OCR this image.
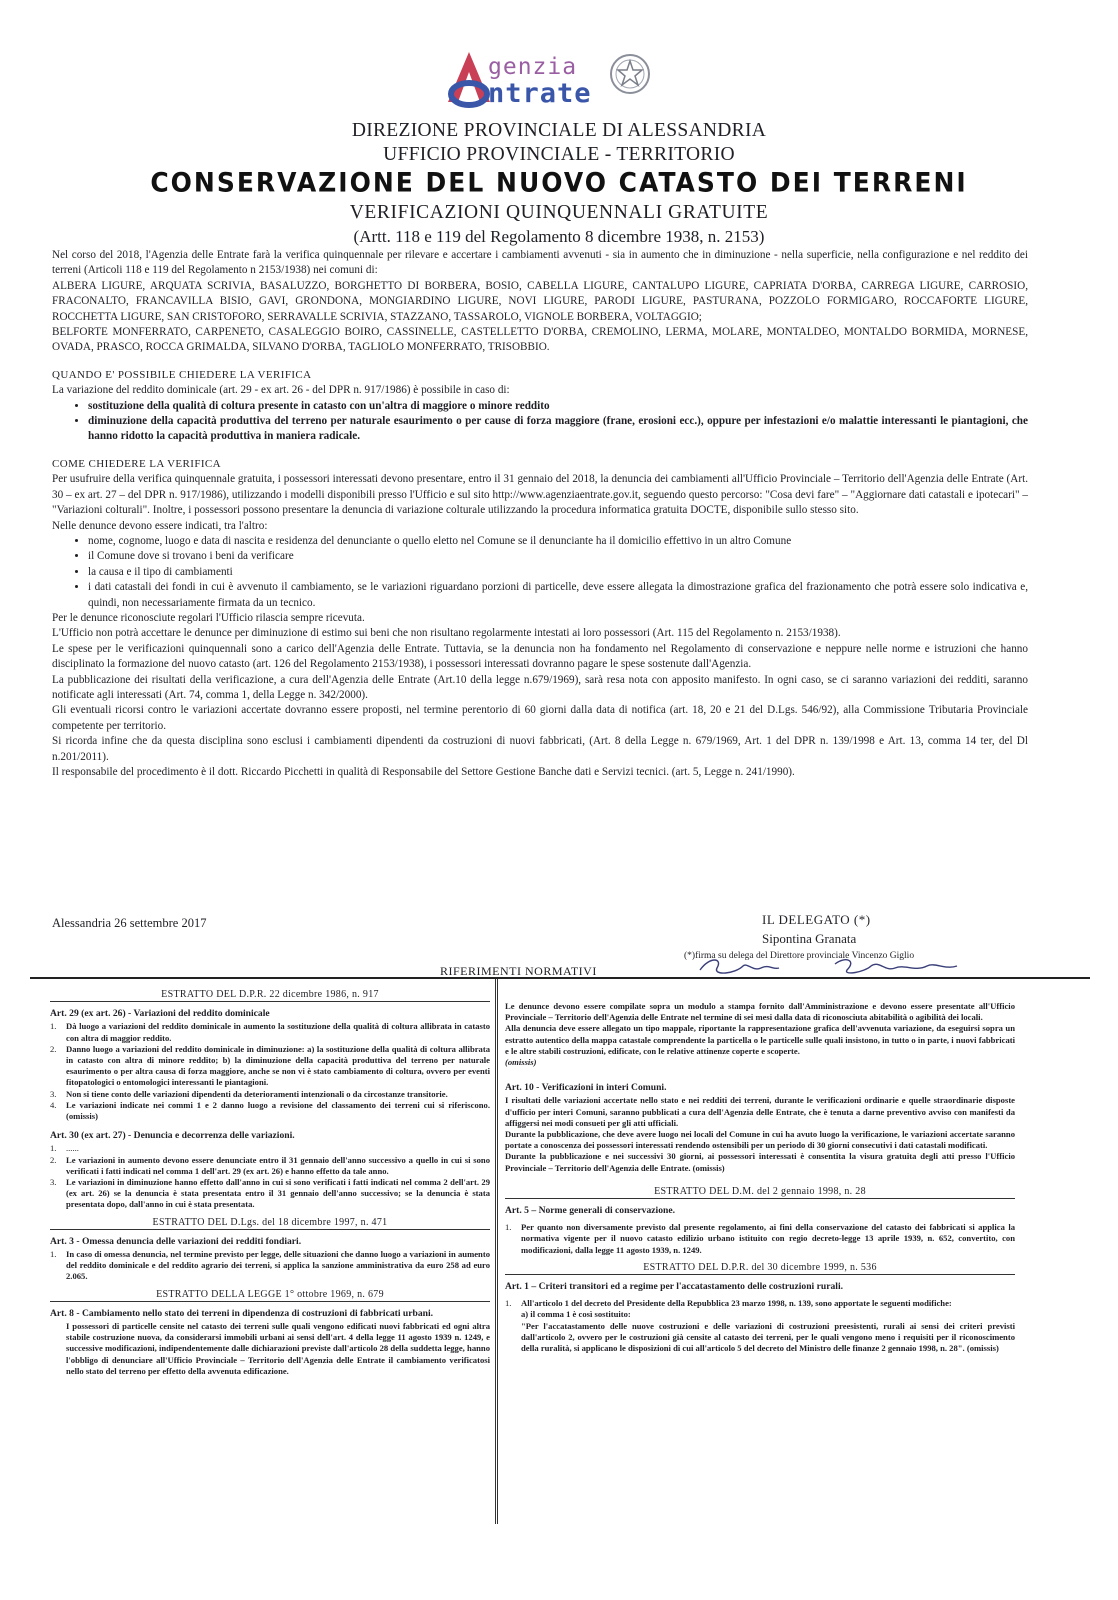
genzia
ntrate
DIREZIONE PROVINCIALE DI ALESSANDRIA
UFFICIO PROVINCIALE - TERRITORIO
CONSERVAZIONE DEL NUOVO CATASTO DEI TERRENI
VERIFICAZIONI QUINQUENNALI GRATUITE
(Artt. 118 e 119 del Regolamento 8 dicembre 1938, n. 2153)

Nel corso del 2018, l'Agenzia delle Entrate farà la verifica quinquennale per rilevare e accertare i cambiamenti avvenuti - sia in aumento che in diminuzione - nella superficie, nella configurazione e nel reddito dei terreni (Articoli 118 e 119 del Regolamento n 2153/1938) nei comuni di:

ALBERA LIGURE, ARQUATA SCRIVIA, BASALUZZO, BORGHETTO DI BORBERA, BOSIO, CABELLA LIGURE, CANTALUPO LIGURE, CAPRIATA D'ORBA, CARREGA LIGURE, CARROSIO, FRACONALTO, FRANCAVILLA BISIO, GAVI, GRONDONA, MONGIARDINO LIGURE, NOVI LIGURE, PARODI LIGURE, PASTURANA, POZZOLO FORMIGARO, ROCCAFORTE LIGURE, ROCCHETTA LIGURE, SAN CRISTOFORO, SERRAVALLE SCRIVIA, STAZZANO, TASSAROLO, VIGNOLE BORBERA, VOLTAGGIO;

BELFORTE MONFERRATO, CARPENETO, CASALEGGIO BOIRO, CASSINELLE, CASTELLETTO D'ORBA, CREMOLINO, LERMA, MOLARE, MONTALDEO, MONTALDO BORMIDA, MORNESE, OVADA, PRASCO, ROCCA GRIMALDA, SILVANO D'ORBA, TAGLIOLO MONFERRATO, TRISOBBIO.

QUANDO E' POSSIBILE CHIEDERE LA VERIFICA

La variazione del reddito dominicale (art. 29 - ex art. 26 - del DPR n. 917/1986) è possibile in caso di:

• sostituzione della qualità di coltura presente in catasto con un'altra di maggiore o minore reddito
• diminuzione della capacità produttiva del terreno per naturale esaurimento o per cause di forza maggiore (frane, erosioni ecc.), oppure per infestazioni e/o malattie interessanti le piantagioni, che hanno ridotto la capacità produttiva in maniera radicale.

COME CHIEDERE LA VERIFICA

Per usufruire della verifica quinquennale gratuita, i possessori interessati devono presentare, entro il 31 gennaio del 2018, la denuncia dei cambiamenti all'Ufficio Provinciale – Territorio dell'Agenzia delle Entrate (Art. 30 – ex art. 27 – del DPR n. 917/1986), utilizzando i modelli disponibili presso l'Ufficio e sul sito http://www.agenziaentrate.gov.it, seguendo questo percorso: "Cosa devi fare" – "Aggiornare dati catastali e ipotecari" – "Variazioni colturali". Inoltre, i possessori possono presentare la denuncia di variazione colturale utilizzando la procedura informatica gratuita DOCTE, disponibile sullo stesso sito.

Nelle denunce devono essere indicati, tra l'altro:

• nome, cognome, luogo e data di nascita e residenza del denunciante o quello eletto nel Comune se il denunciante ha il domicilio effettivo in un altro Comune
• il Comune dove si trovano i beni da verificare
• la causa e il tipo di cambiamenti
• i dati catastali dei fondi in cui è avvenuto il cambiamento, se le variazioni riguardano porzioni di particelle, deve essere allegata la dimostrazione grafica del frazionamento che potrà essere solo indicativa e, quindi, non necessariamente firmata da un tecnico.

Per le denunce riconosciute regolari l'Ufficio rilascia sempre ricevuta.

L'Ufficio non potrà accettare le denunce per diminuzione di estimo sui beni che non risultano regolarmente intestati ai loro possessori (Art. 115 del Regolamento n. 2153/1938).

Le spese per le verificazioni quinquennali sono a carico dell'Agenzia delle Entrate. Tuttavia, se la denuncia non ha fondamento nel Regolamento di conservazione e neppure nelle norme e istruzioni che hanno disciplinato la formazione del nuovo catasto (art. 126 del Regolamento 2153/1938), i possessori interessati dovranno pagare le spese sostenute dall'Agenzia.

La pubblicazione dei risultati della verificazione, a cura dell'Agenzia delle Entrate (Art.10 della legge n.679/1969), sarà resa nota con apposito manifesto. In ogni caso, se ci saranno variazioni dei redditi, saranno notificate agli interessati (Art. 74, comma 1, della Legge n. 342/2000).

Gli eventuali ricorsi contro le variazioni accertate dovranno essere proposti, nel termine perentorio di 60 giorni dalla data di notifica (art. 18, 20 e 21 del D.Lgs. 546/92), alla Commissione Tributaria Provinciale competente per territorio.

Si ricorda infine che da questa disciplina sono esclusi i cambiamenti dipendenti da costruzioni di nuovi fabbricati, (Art. 8 della Legge n. 679/1969, Art. 1 del DPR n. 139/1998 e Art. 13, comma 14 ter, del Dl n.201/2011).

Il responsabile del procedimento è il dott. Riccardo Picchetti in qualità di Responsabile del Settore Gestione Banche dati e Servizi tecnici. (art. 5, Legge n. 241/1990).

Alessandria 26 settembre 2017	IL DELEGATO (*)
Sipontina Granata
(*)firma su delega del Direttore provinciale Vincenzo Giglio
RIFERIMENTI NORMATIVI

ESTRATTO DEL D.P.R. 22 dicembre 1986, n. 917

Art. 29 (ex art. 26) - Variazioni del reddito dominicale

1.	Dà luogo a variazioni del reddito dominicale in aumento la sostituzione della qualità di coltura allibrata in catasto con altra di maggior reddito.
2.	Danno luogo a variazioni del reddito dominicale in diminuzione: a) la sostituzione della qualità di coltura allibrata in catasto con altra di minore reddito; b) la diminuzione della capacità produttiva del terreno per naturale esaurimento o per altra causa di forza maggiore, anche se non vi è stato cambiamento di coltura, ovvero per eventi fitopatologici o entomologici interessanti le piantagioni.
3.	Non si tiene conto delle variazioni dipendenti da deterioramenti intenzionali o da circostanze transitorie.
4.	Le variazioni indicate nei commi 1 e 2 danno luogo a revisione del classamento dei terreni cui si riferiscono. (omissis)

Art. 30 (ex art. 27) - Denuncia e decorrenza delle variazioni.

1.	......
2.	Le variazioni in aumento devono essere denunciate entro il 31 gennaio dell'anno successivo a quello in cui si sono verificati i fatti indicati nel comma 1 dell'art. 29 (ex art. 26) e hanno effetto da tale anno.
3.	Le variazioni in diminuzione hanno effetto dall'anno in cui si sono verificati i fatti indicati nel comma 2 dell'art. 29 (ex art. 26) se la denuncia è stata presentata entro il 31 gennaio dell'anno successivo; se la denuncia è stata presentata dopo, dall'anno in cui è stata presentata.

ESTRATTO DEL D.Lgs. del 18 dicembre 1997, n. 471

Art. 3 - Omessa denuncia delle variazioni dei redditi fondiari.

1.	In caso di omessa denuncia, nel termine previsto per legge, delle situazioni che danno luogo a variazioni in aumento del reddito dominicale e del reddito agrario dei terreni, si applica la sanzione amministrativa da euro 258 ad euro 2.065.

ESTRATTO DELLA LEGGE 1° ottobre 1969, n. 679

Art. 8 - Cambiamento nello stato dei terreni in dipendenza di costruzioni di fabbricati urbani.

I possessori di particelle censite nel catasto dei terreni sulle quali vengono edificati nuovi fabbricati ed ogni altra stabile costruzione nuova, da considerarsi immobili urbani ai sensi dell'art. 4 della legge 11 agosto 1939 n. 1249, e successive modificazioni, indipendentemente dalle dichiarazioni previste dall'articolo 28 della suddetta legge, hanno l'obbligo di denunciare all'Ufficio Provinciale – Territorio dell'Agenzia delle Entrate il cambiamento verificatosi nello stato del terreno per effetto della avvenuta edificazione.

Le denunce devono essere compilate sopra un modulo a stampa fornito dall'Amministrazione e devono essere presentate all'Ufficio Provinciale – Territorio dell'Agenzia delle Entrate nel termine di sei mesi dalla data di riconosciuta abitabilità o agibilità dei locali.

Alla denuncia deve essere allegato un tipo mappale, riportante la rappresentazione grafica dell'avvenuta variazione, da eseguirsi sopra un estratto autentico della mappa catastale comprendente la particella o le particelle sulle quali insistono, in tutto o in parte, i nuovi fabbricati e le altre stabili costruzioni, edificate, con le relative attinenze coperte e scoperte.

(omissis)

Art. 10 - Verificazioni in interi Comuni.

I risultati delle variazioni accertate nello stato e nei redditi dei terreni, durante le verificazioni ordinarie e quelle straordinarie disposte d'ufficio per interi Comuni, saranno pubblicati a cura dell'Agenzia delle Entrate, che è tenuta a darne preventivo avviso con manifesti da affiggersi nei modi consueti per gli atti ufficiali.

Durante la pubblicazione, che deve avere luogo nei locali del Comune in cui ha avuto luogo la verificazione, le variazioni accertate saranno portate a conoscenza dei possessori interessati rendendo ostensibili per un periodo di 30 giorni consecutivi i dati catastali modificati.

Durante la pubblicazione e nei successivi 30 giorni, ai possessori interessati è consentita la visura gratuita degli atti presso l'Ufficio Provinciale – Territorio dell'Agenzia delle Entrate. (omissis)

ESTRATTO DEL D.M. del 2 gennaio 1998, n. 28

Art. 5 – Norme generali di conservazione.

1.	Per quanto non diversamente previsto dal presente regolamento, ai fini della conservazione del catasto dei fabbricati si applica la normativa vigente per il nuovo catasto edilizio urbano istituito con regio decreto-legge 13 aprile 1939, n. 652, convertito, con modificazioni, dalla legge 11 agosto 1939, n. 1249.

ESTRATTO DEL D.P.R. del 30 dicembre 1999, n. 536

Art. 1 – Criteri transitori ed a regime per l'accatastamento delle costruzioni rurali.

1.	All'articolo 1 del decreto del Presidente della Repubblica 23 marzo 1998, n. 139, sono apportate le seguenti modifiche:

a) il comma 1 è così sostituito:

"Per l'accatastamento delle nuove costruzioni e delle variazioni di costruzioni preesistenti, rurali ai sensi dei criteri previsti dall'articolo 2, ovvero per le costruzioni già censite al catasto dei terreni, per le quali vengono meno i requisiti per il riconoscimento della ruralità, si applicano le disposizioni di cui all'articolo 5 del decreto del Ministro delle finanze 2 gennaio 1998, n. 28". (omissis)
